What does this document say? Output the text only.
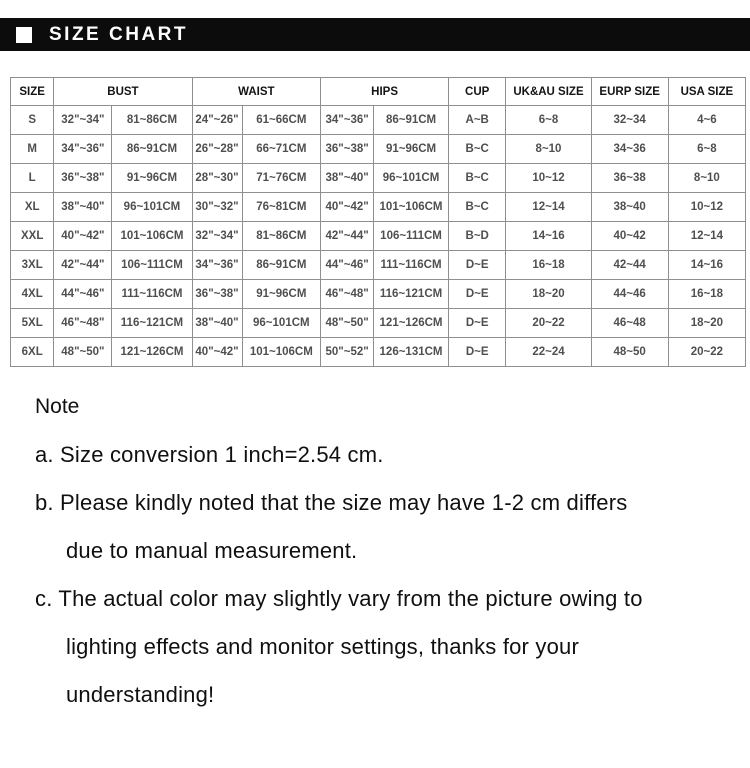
SIZE CHART
SIZE	BUST		WAIST		HIPS		CUP	UK&AU SIZE	EURP SIZE	USA SIZE
S	32"~34"	81~86CM	24"~26"	61~66CM	34"~36"	86~91CM	A~B	6~8	32~34	4~6
M	34"~36"	86~91CM	26"~28"	66~71CM	36"~38"	91~96CM	B~C	8~10	34~36	6~8
L	36"~38"	91~96CM	28"~30"	71~76CM	38"~40"	96~101CM	B~C	10~12	36~38	8~10
XL	38"~40"	96~101CM	30"~32"	76~81CM	40"~42"	101~106CM	B~C	12~14	38~40	10~12
XXL	40"~42"	101~106CM	32"~34"	81~86CM	42"~44"	106~111CM	B~D	14~16	40~42	12~14
3XL	42"~44"	106~111CM	34"~36"	86~91CM	44"~46"	111~116CM	D~E	16~18	42~44	14~16
4XL	44"~46"	111~116CM	36"~38"	91~96CM	46"~48"	116~121CM	D~E	18~20	44~46	16~18
5XL	46"~48"	116~121CM	38"~40"	96~101CM	48"~50"	121~126CM	D~E	20~22	46~48	18~20
6XL	48"~50"	121~126CM	40"~42"	101~106CM	50"~52"	126~131CM	D~E	22~24	48~50	20~22
Note

a. Size conversion 1 inch=2.54 cm.

b. Please kindly noted that the size may have 1-2 cm differs

due to manual measurement.

c. The actual color may slightly vary from the picture owing to

lighting effects and monitor settings, thanks for your

understanding!
